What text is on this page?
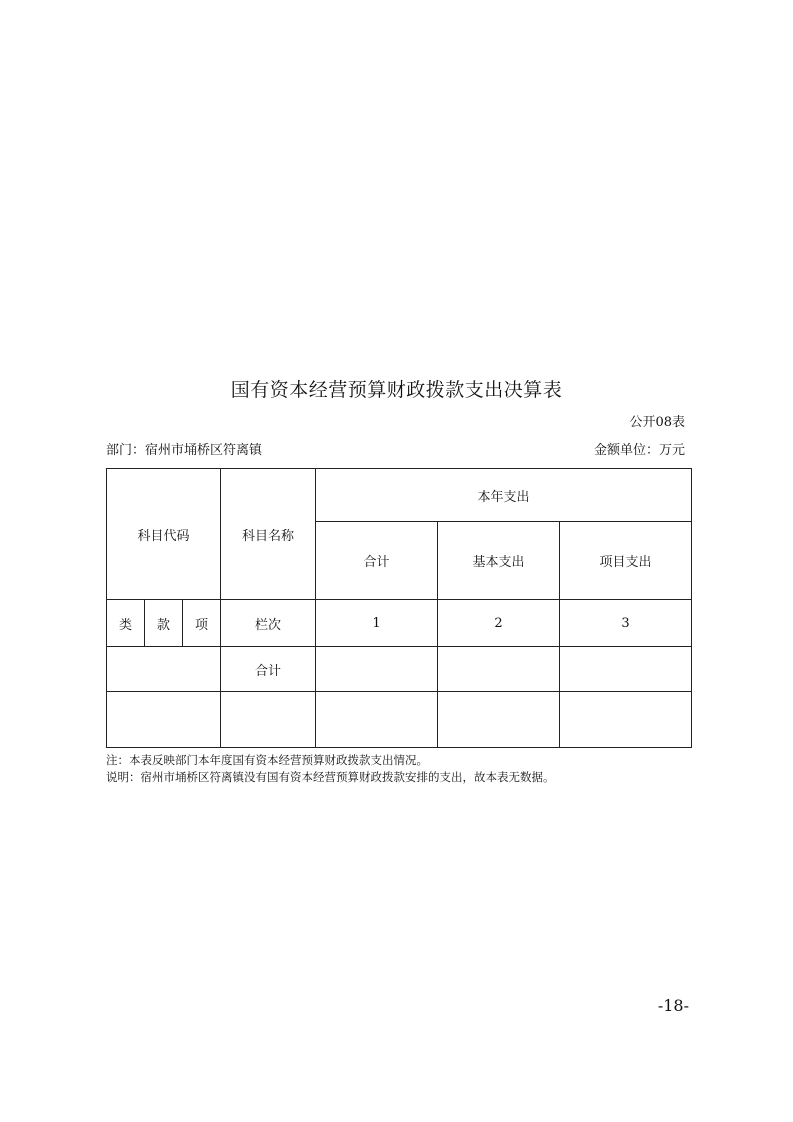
国有资本经营预算财政拨款支出决算表
公开08表
部门：宿州市埇桥区符离镇	金额单位：万元
科目代码			科目名称	本年支出		
				合计	基本支出	项目支出
类	款	项	栏次	1	2	3
			合计			

注：本表反映部门本年度国有资本经营预算财政拨款支出情况。
说明：宿州市埇桥区符离镇没有国有资本经营预算财政拨款安排的支出，故本表无数据。
-18-
